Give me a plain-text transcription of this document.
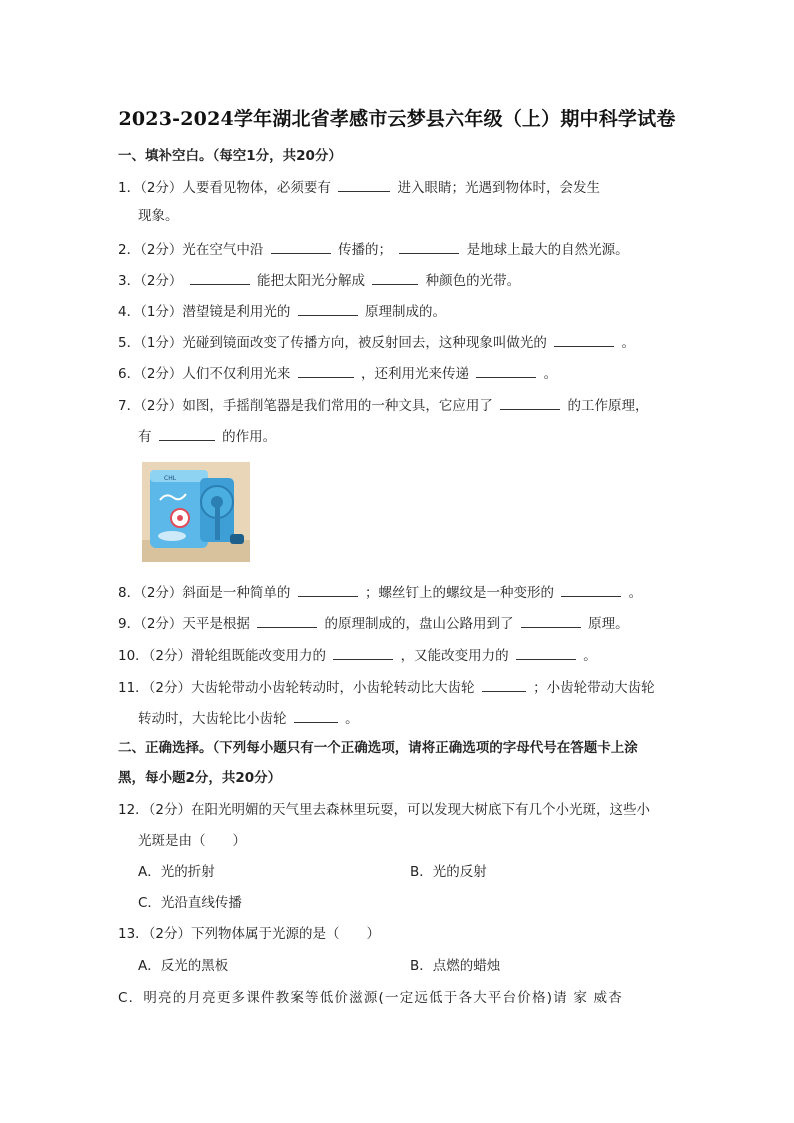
2023-2024学年湖北省孝感市云梦县六年级（上）期中科学试卷
一、填补空白。（每空1分，共20分）
1．（2分）人要看见物体，必须要有	进入眼睛；光遇到物体时，会发生
现象。
2．（2分）光在空气中沿	传播的；	是地球上最大的自然光源。
3．（2分）	能把太阳光分解成	种颜色的光带。
4．（1分）潜望镜是利用光的	原理制成的。
5．（1分）光碰到镜面改变了传播方向，被反射回去，这种现象叫做光的	。
6．（2分）人们不仅利用光来	，还利用光来传递	。
7．（2分）如图，手摇削笔器是我们常用的一种文具，它应用了	的工作原理，
有	的作用。
CHL
8．（2分）斜面是一种简单的	；螺丝钉上的螺纹是一种变形的	。
9．（2分）天平是根据	的原理制成的，盘山公路用到了	原理。
10．（2分）滑轮组既能改变用力的	，又能改变用力的	。
11．（2分）大齿轮带动小齿轮转动时，小齿轮转动比大齿轮	；小齿轮带动大齿轮
转动时，大齿轮比小齿轮	。
二、正确选择。（下列每小题只有一个正确选项，请将正确选项的字母代号在答题卡上涂
黑，每小题2分，共20分）
12．（2分）在阳光明媚的天气里去森林里玩耍，可以发现大树底下有几个小光斑，这些小
光斑是由（　　）
A．光的折射	B．光的反射
C．光沿直线传播
13．（2分）下列物体属于光源的是（　　）
A．反光的黑板	B．点燃的蜡烛
C．明亮的月亮更多课件教案等低价滋源(一定远低于各大平台价格)请 家 威杏
